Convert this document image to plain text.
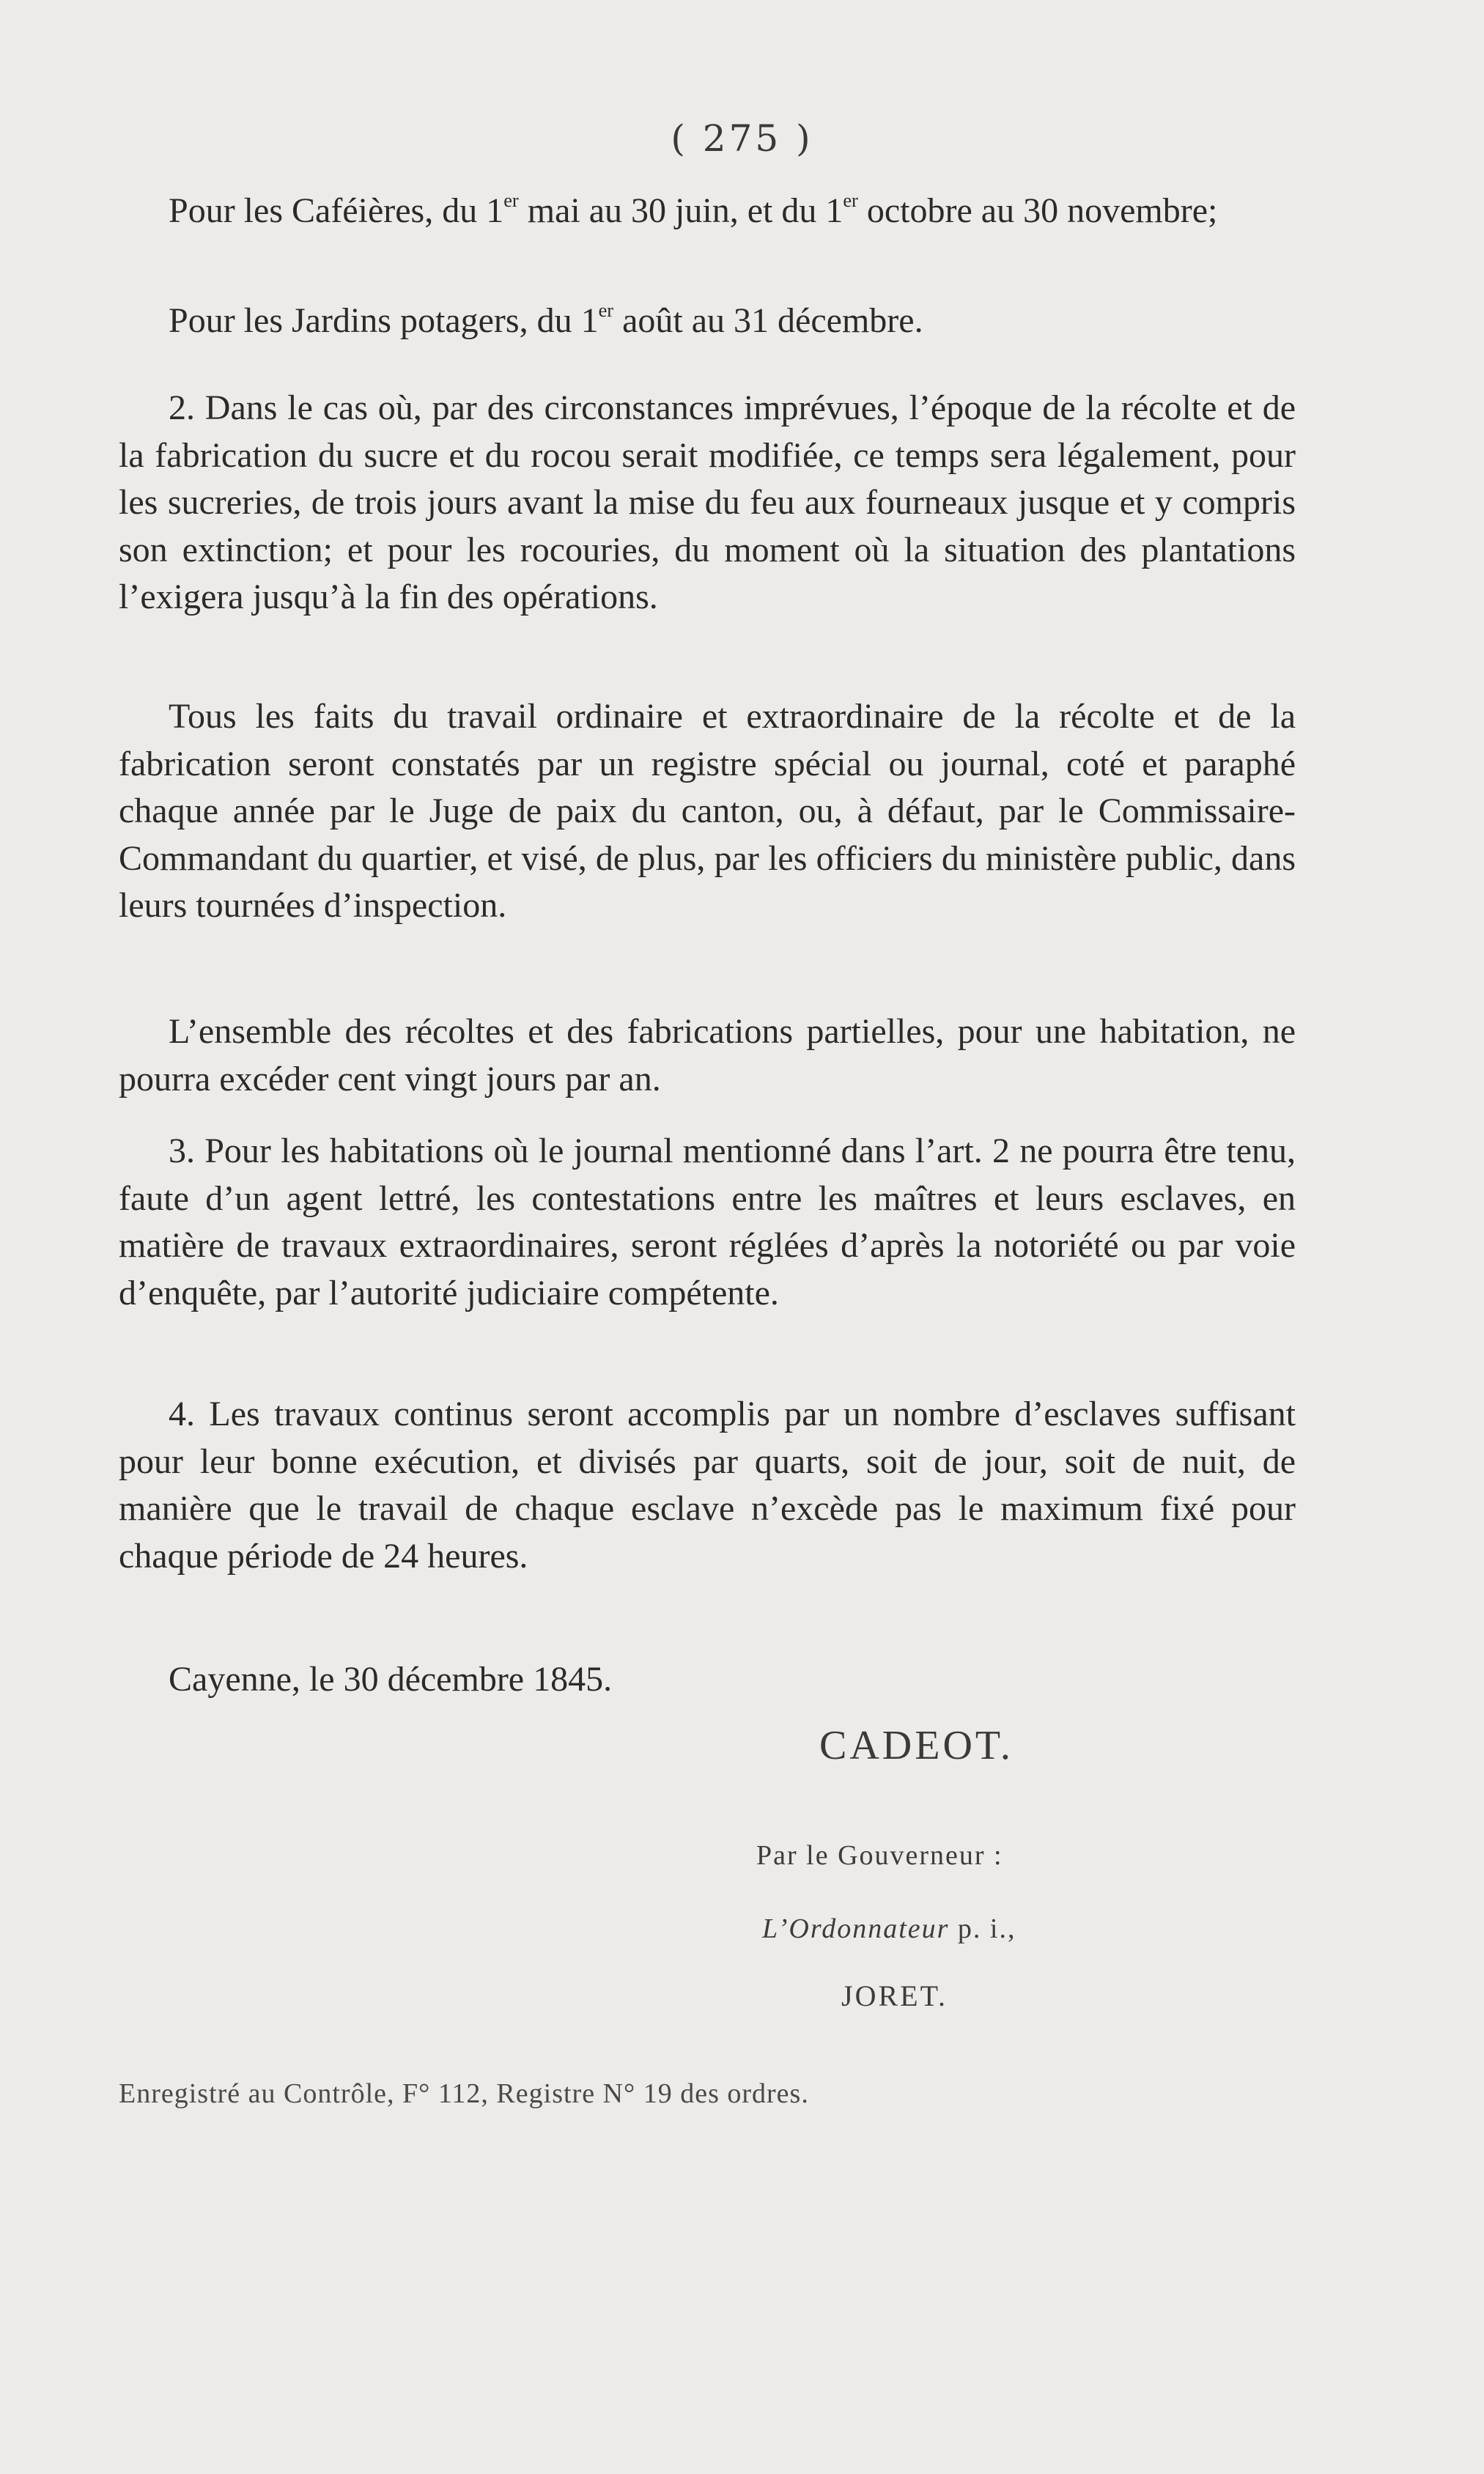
( 275 )

Pour les Caféières, du 1er mai au 30 juin, et du 1er octobre au 30 novembre;

Pour les Jardins potagers, du 1er août au 31 décembre.

2. Dans le cas où, par des circonstances imprévues, l’époque de la récolte et de la fabrication du sucre et du rocou serait modifiée, ce temps sera légalement, pour les sucreries, de trois jours avant la mise du feu aux fourneaux jusque et y compris son extinction; et pour les rocouries, du moment où la situation des plantations l’exigera jusqu’à la fin des opérations.

Tous les faits du travail ordinaire et extraordinaire de la récolte et de la fabrication seront constatés par un registre spécial ou journal, coté et paraphé chaque année par le Juge de paix du canton, ou, à défaut, par le Commissaire-Commandant du quartier, et visé, de plus, par les officiers du ministère public, dans leurs tournées d’inspection.

L’ensemble des récoltes et des fabrications partielles, pour une habitation, ne pourra excéder cent vingt jours par an.

3. Pour les habitations où le journal mentionné dans l’art. 2 ne pourra être tenu, faute d’un agent lettré, les contestations entre les maîtres et leurs esclaves, en matière de travaux extraordinaires, seront réglées d’après la notoriété ou par voie d’enquête, par l’autorité judiciaire compétente.

4. Les travaux continus seront accomplis par un nombre d’esclaves suffisant pour leur bonne exécution, et divisés par quarts, soit de jour, soit de nuit, de manière que le travail de chaque esclave n’excède pas le maximum fixé pour chaque période de 24 heures.

Cayenne, le 30 décembre 1845.

CADEOT.
Par le Gouverneur :
L’Ordonnateur p. i.,
JORET.
Enregistré au Contrôle, F° 112, Registre N° 19 des ordres.
